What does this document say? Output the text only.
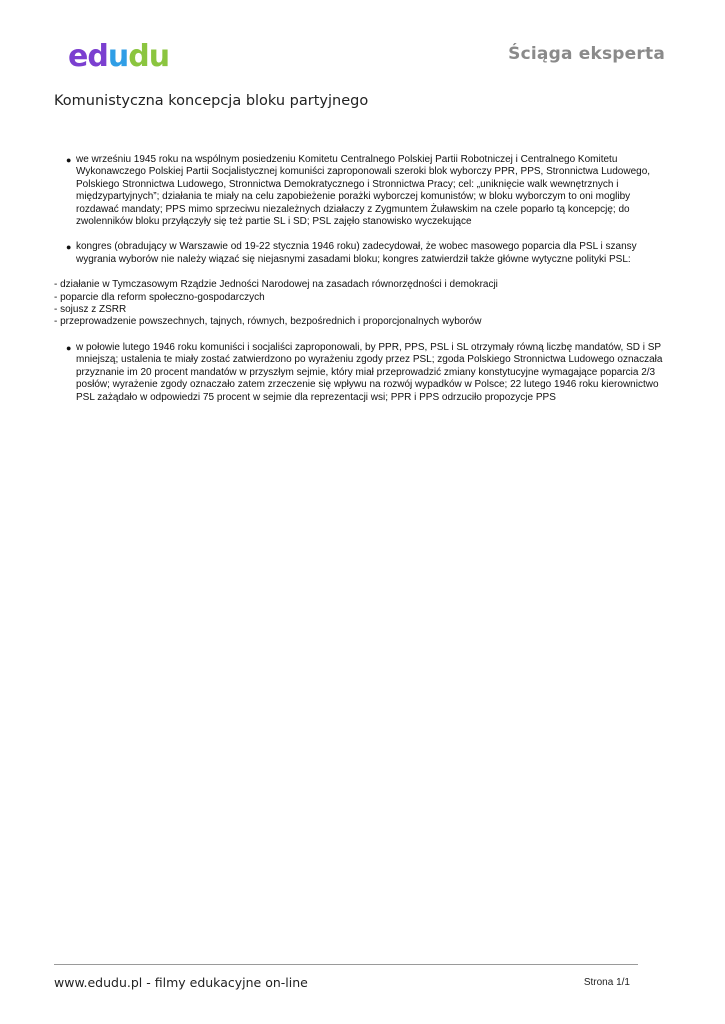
edudu	Ściąga eksperta
Komunistyczna koncepcja bloku partyjnego
● we wrześniu 1945 roku na wspólnym posiedzeniu Komitetu Centralnego Polskiej Partii Robotniczej i Centralnego Komitetu Wykonawczego Polskiej Partii Socjalistycznej komuniści zaproponowali szeroki blok wyborczy PPR, PPS, Stronnictwa Ludowego, Polskiego Stronnictwa Ludowego, Stronnictwa Demokratycznego i Stronnictwa Pracy; cel: „uniknięcie walk wewnętrznych i międzypartyjnych”; działania te miały na celu zapobieżenie porażki wyborczej komunistów; w bloku wyborczym to oni mogliby rozdawać mandaty; PPS mimo sprzeciwu niezależnych działaczy z Zygmuntem Żuławskim na czele poparło tą koncepcję; do zwolenników bloku przyłączyły się też partie SL i SD; PSL zajęło stanowisko wyczekujące
● kongres (obradujący w Warszawie od 19-22 stycznia 1946 roku) zadecydował, że wobec masowego poparcia dla PSL i szansy wygrania wyborów nie należy wiązać się niejasnymi zasadami bloku; kongres zatwierdził także główne wytyczne polityki PSL:
- działanie w Tymczasowym Rządzie Jedności Narodowej na zasadach równorzędności i demokracji
- poparcie dla reform społeczno-gospodarczych
- sojusz z ZSRR
- przeprowadzenie powszechnych, tajnych, równych, bezpośrednich i proporcjonalnych wyborów
● w połowie lutego 1946 roku komuniści i socjaliści zaproponowali, by PPR, PPS, PSL i SL otrzymały równą liczbę mandatów, SD i SP mniejszą; ustalenia te miały zostać zatwierdzono po wyrażeniu zgody przez PSL; zgoda Polskiego Stronnictwa Ludowego oznaczała przyznanie im 20 procent mandatów w przyszłym sejmie, który miał przeprowadzić zmiany konstytucyjne wymagające poparcia 2/3 posłów; wyrażenie zgody oznaczało zatem zrzeczenie się wpływu na rozwój wypadków w Polsce; 22 lutego 1946 roku kierownictwo PSL zażądało w odpowiedzi 75 procent w sejmie dla reprezentacji wsi; PPR i PPS odrzuciło propozycje PPS
www.edudu.pl - filmy edukacyjne on-line	Strona 1/1
